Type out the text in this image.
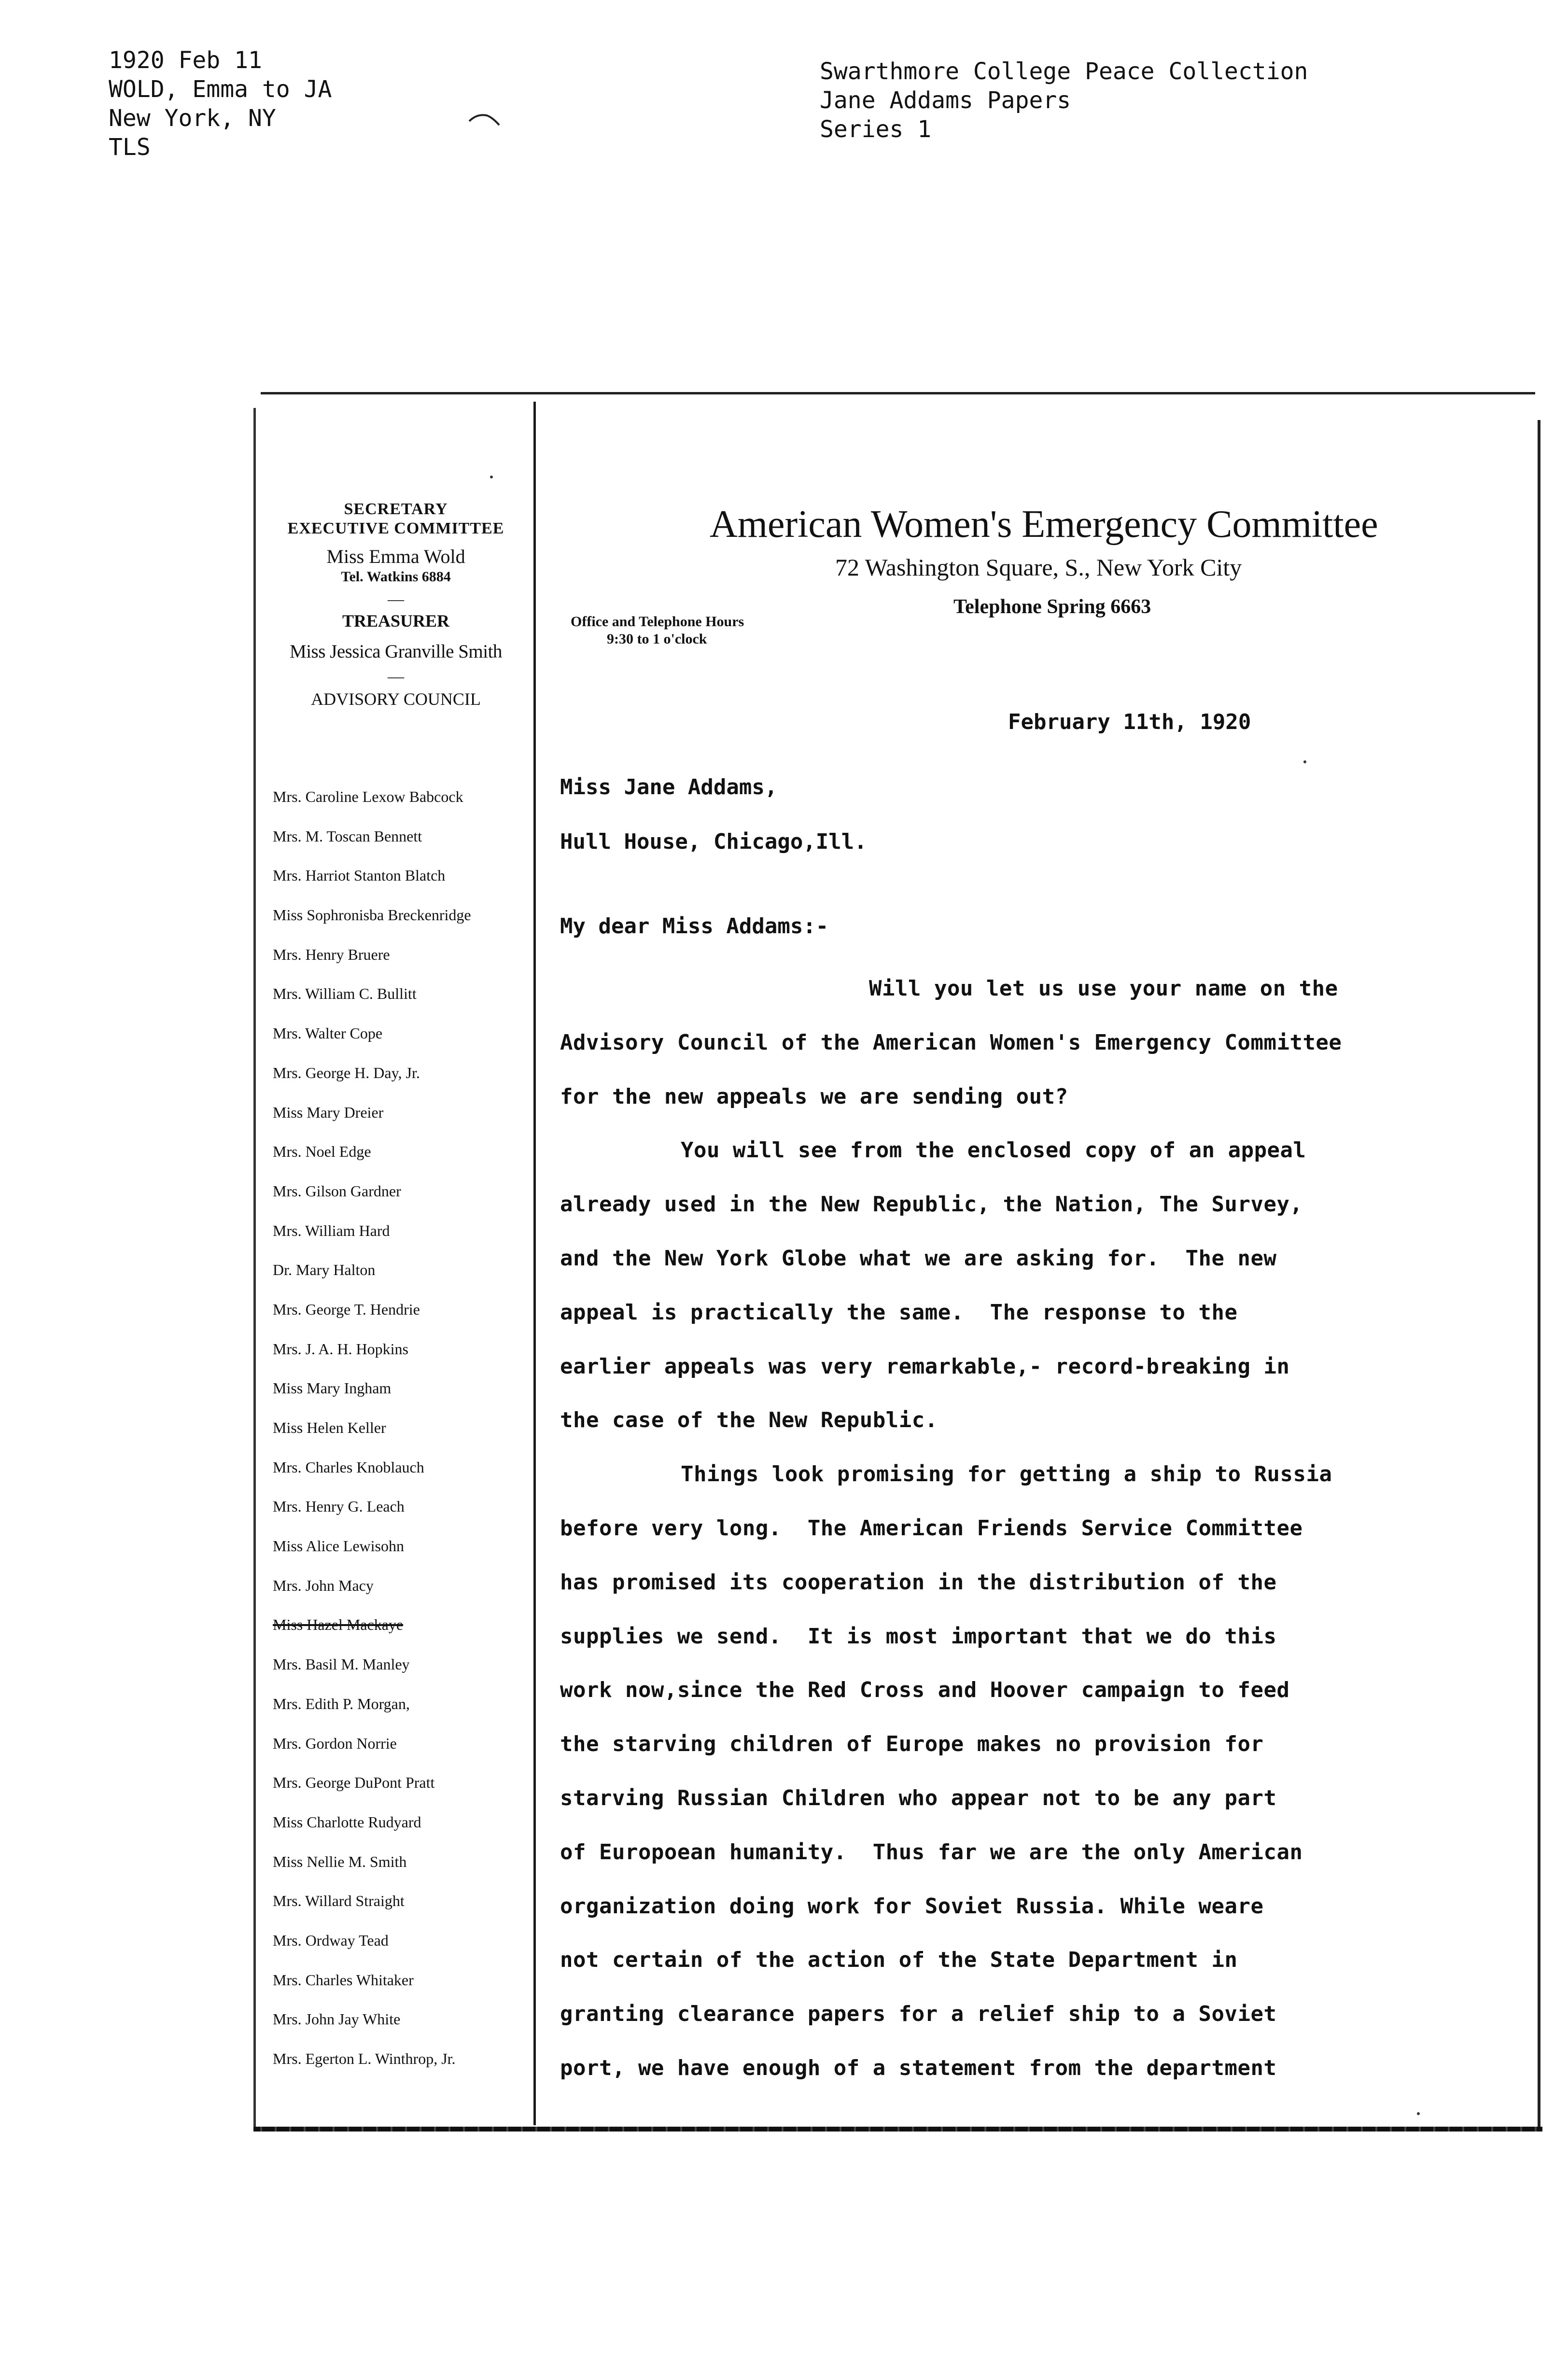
1920 Feb 11
WOLD, Emma to JA
New York, NY
TLS
Swarthmore College Peace Collection
Jane Addams Papers
Series 1
SECRETARY
EXECUTIVE COMMITTEE
Miss Emma Wold
Tel. Watkins 6884
—
TREASURER
Miss Jessica Granville Smith
—
ADVISORY COUNCIL
Mrs. Caroline Lexow Babcock
Mrs. M. Toscan Bennett
Mrs. Harriot Stanton Blatch
Miss Sophronisba Breckenridge
Mrs. Henry Bruere
Mrs. William C. Bullitt
Mrs. Walter Cope
Mrs. George H. Day, Jr.
Miss Mary Dreier
Mrs. Noel Edge
Mrs. Gilson Gardner
Mrs. William Hard
Dr. Mary Halton
Mrs. George T. Hendrie
Mrs. J. A. H. Hopkins
Miss Mary Ingham
Miss Helen Keller
Mrs. Charles Knoblauch
Mrs. Henry G. Leach
Miss Alice Lewisohn
Mrs. John Macy
Miss Hazel Mackaye
Mrs. Basil M. Manley
Mrs. Edith P. Morgan,
Mrs. Gordon Norrie
Mrs. George DuPont Pratt
Miss Charlotte Rudyard
Miss Nellie M. Smith
Mrs. Willard Straight
Mrs. Ordway Tead
Mrs. Charles Whitaker
Mrs. John Jay White
Mrs. Egerton L. Winthrop, Jr.
American Women's Emergency Committee
72 Washington Square, S., New York City
Telephone Spring 6663
Office and Telephone Hours
9:30 to 1 o'clock
February 11th, 1920
Miss Jane Addams,
Hull House, Chicago,Ill.
My dear Miss Addams:-
Will you let us use your name on the
Advisory Council of the American Women's Emergency Committee
for the new appeals we are sending out?
You will see from the enclosed copy of an appeal
already used in the New Republic, the Nation, The Survey,
and the New York Globe what we are asking for.  The new
appeal is practically the same.  The response to the
earlier appeals was very remarkable,- record-breaking in
the case of the New Republic.
Things look promising for getting a ship to Russia
before very long.  The American Friends Service Committee
has promised its cooperation in the distribution of the
supplies we send.  It is most important that we do this
work now,since the Red Cross and Hoover campaign to feed
the starving children of Europe makes no provision for
starving Russian Children who appear not to be any part
of Europoean humanity.  Thus far we are the only American
organization doing work for Soviet Russia. While weare
not certain of the action of the State Department in
granting clearance papers for a relief ship to a Soviet
port, we have enough of a statement from the department
